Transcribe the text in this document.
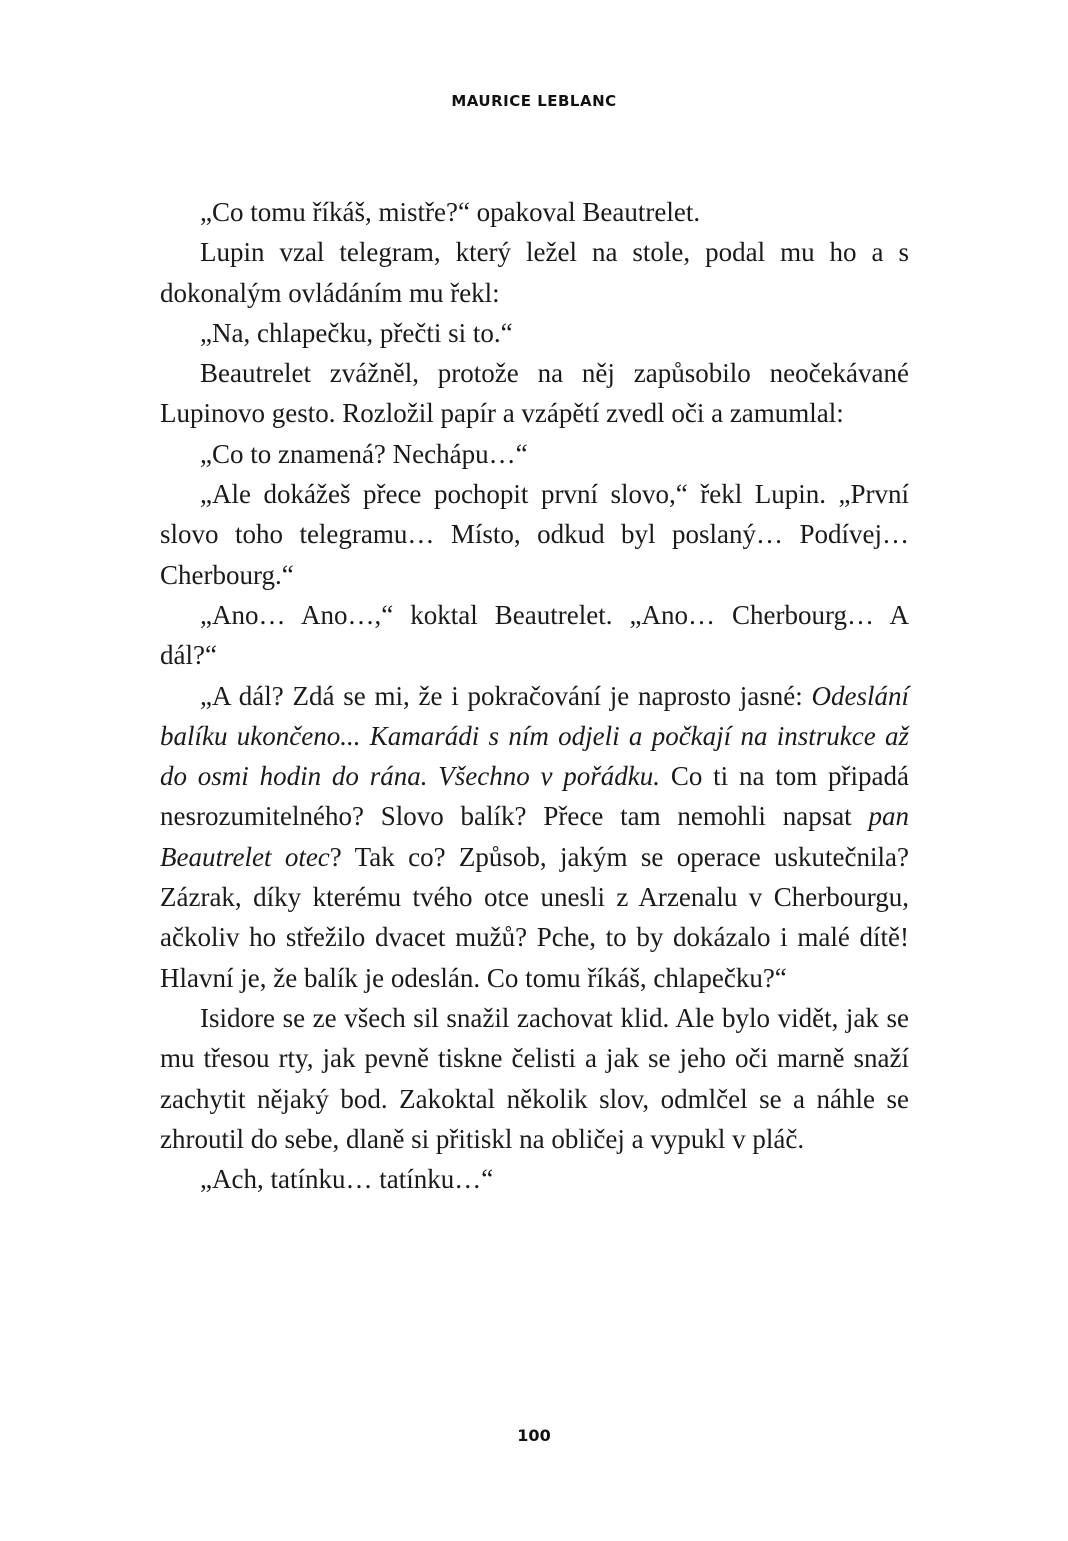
MAURICE LEBLANC

„Co tomu říkáš, mistře?“ opakoval Beautrelet.

Lupin vzal telegram, který ležel na stole, podal mu ho a s dokonalým ovládáním mu řekl:

„Na, chlapečku, přečti si to.“

Beautrelet zvážněl, protože na něj zapůsobilo neočekávané Lupinovo gesto. Rozložil papír a vzápětí zvedl oči a zamumlal:

„Co to znamená? Nechápu…“

„Ale dokážeš přece pochopit první slovo,“ řekl Lupin. „První slovo toho telegramu… Místo, odkud byl poslaný… Podívej… Cherbourg.“

„Ano… Ano…,“ koktal Beautrelet. „Ano… Cherbourg… A dál?“

„A dál? Zdá se mi, že i pokračování je naprosto jasné: Odeslání balíku ukončeno... Kamarádi s ním odjeli a počkají na instrukce až do osmi hodin do rána. Všechno v pořádku. Co ti na tom připadá nesrozumitelného? Slovo balík? Přece tam nemohli napsat pan Beautrelet otec? Tak co? Způsob, jakým se operace uskutečnila? Zázrak, díky kterému tvého otce unesli z Arzenalu v Cherbourgu, ačkoliv ho střežilo dvacet mužů? Pche, to by dokázalo i malé dítě! Hlavní je, že balík je odeslán. Co tomu říkáš, chlapečku?“

Isidore se ze všech sil snažil zachovat klid. Ale bylo vidět, jak se mu třesou rty, jak pevně tiskne čelisti a jak se jeho oči marně snaží zachytit nějaký bod. Zakoktal několik slov, odmlčel se a náhle se zhroutil do sebe, dlaně si přitiskl na obličej a vypukl v pláč.

„Ach, tatínku… tatínku…“

100
